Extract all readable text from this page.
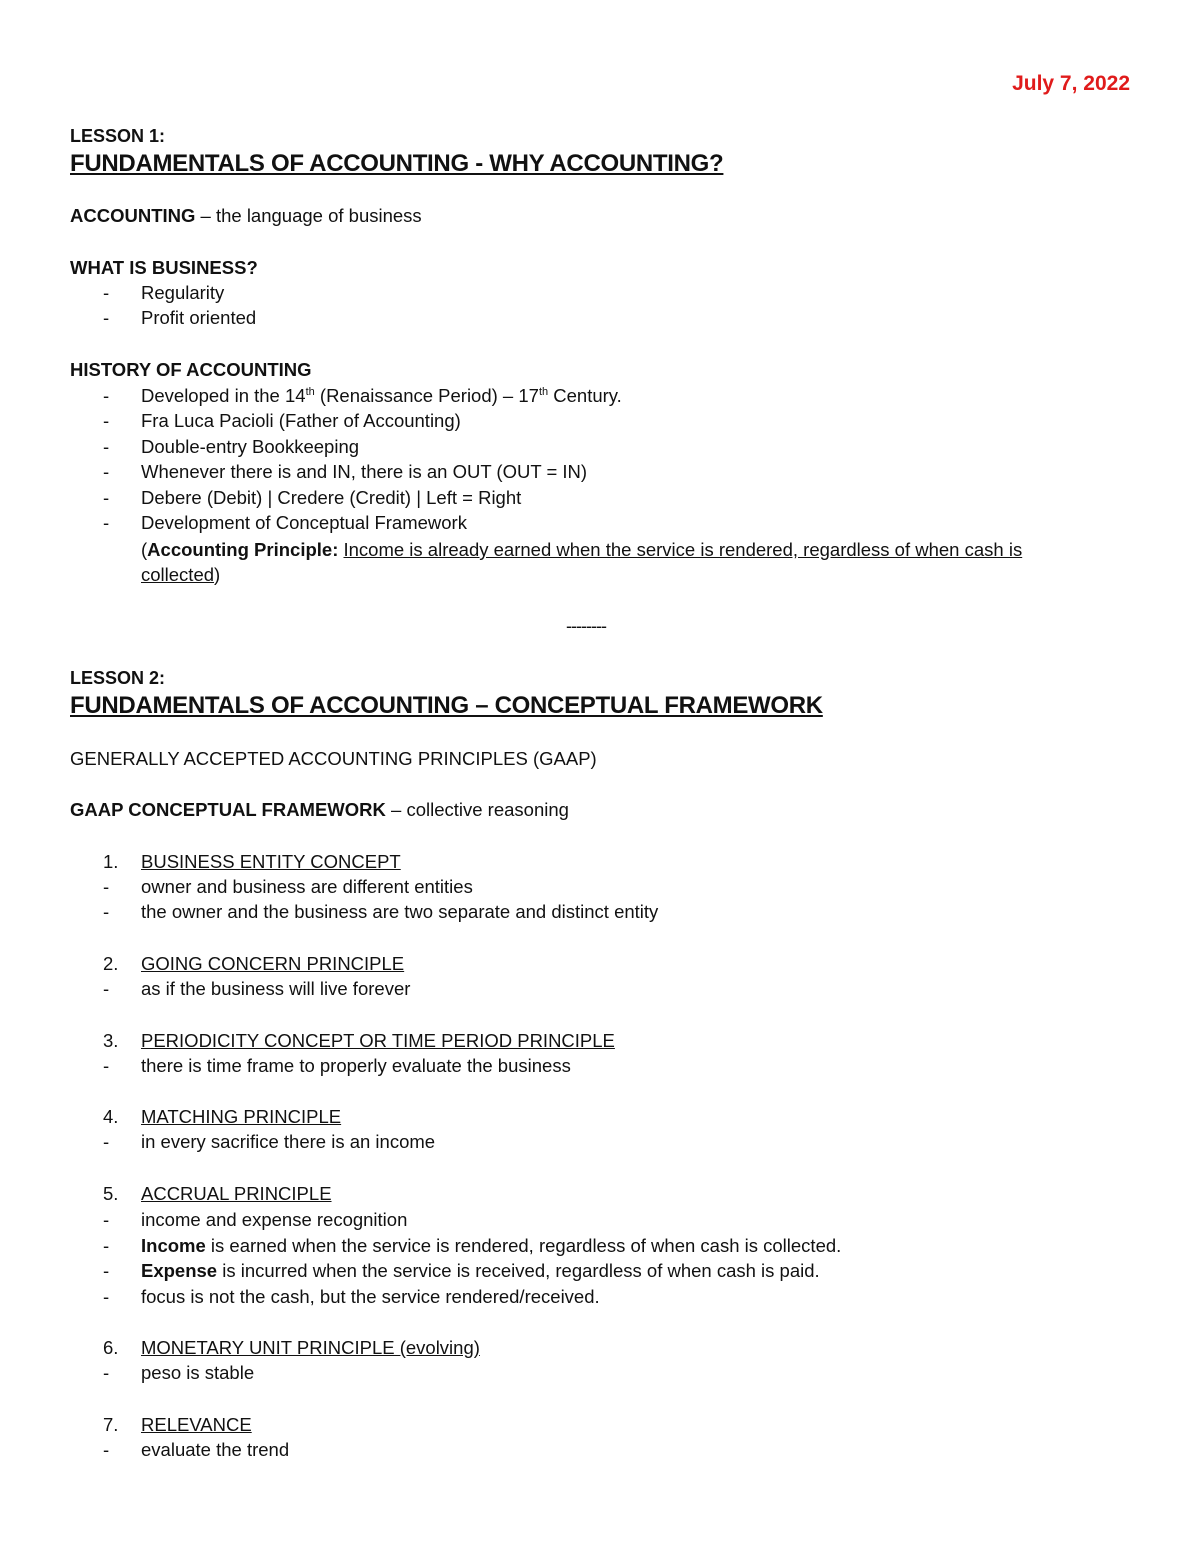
July 7, 2022
LESSON 1:
FUNDAMENTALS OF ACCOUNTING - WHY ACCOUNTING?
ACCOUNTING – the language of business
WHAT IS BUSINESS?
- Regularity
- Profit oriented
HISTORY OF ACCOUNTING
- Developed in the 14th (Renaissance Period) – 17th Century.
- Fra Luca Pacioli (Father of Accounting)
- Double-entry Bookkeeping
- Whenever there is and IN, there is an OUT (OUT = IN)
- Debere (Debit) | Credere (Credit) | Left = Right
- Development of Conceptual Framework
(Accounting Principle: Income is already earned when the service is rendered, regardless of when cash is
collected)
--------
LESSON 2:
FUNDAMENTALS OF ACCOUNTING – CONCEPTUAL FRAMEWORK
GENERALLY ACCEPTED ACCOUNTING PRINCIPLES (GAAP)
GAAP CONCEPTUAL FRAMEWORK – collective reasoning
1. BUSINESS ENTITY CONCEPT
- owner and business are different entities
- the owner and the business are two separate and distinct entity
2. GOING CONCERN PRINCIPLE
- as if the business will live forever
3. PERIODICITY CONCEPT OR TIME PERIOD PRINCIPLE
- there is time frame to properly evaluate the business
4. MATCHING PRINCIPLE
- in every sacrifice there is an income
5. ACCRUAL PRINCIPLE
- income and expense recognition
- Income is earned when the service is rendered, regardless of when cash is collected.
- Expense is incurred when the service is received, regardless of when cash is paid.
- focus is not the cash, but the service rendered/received.
6. MONETARY UNIT PRINCIPLE (evolving)
- peso is stable
7. RELEVANCE
- evaluate the trend
